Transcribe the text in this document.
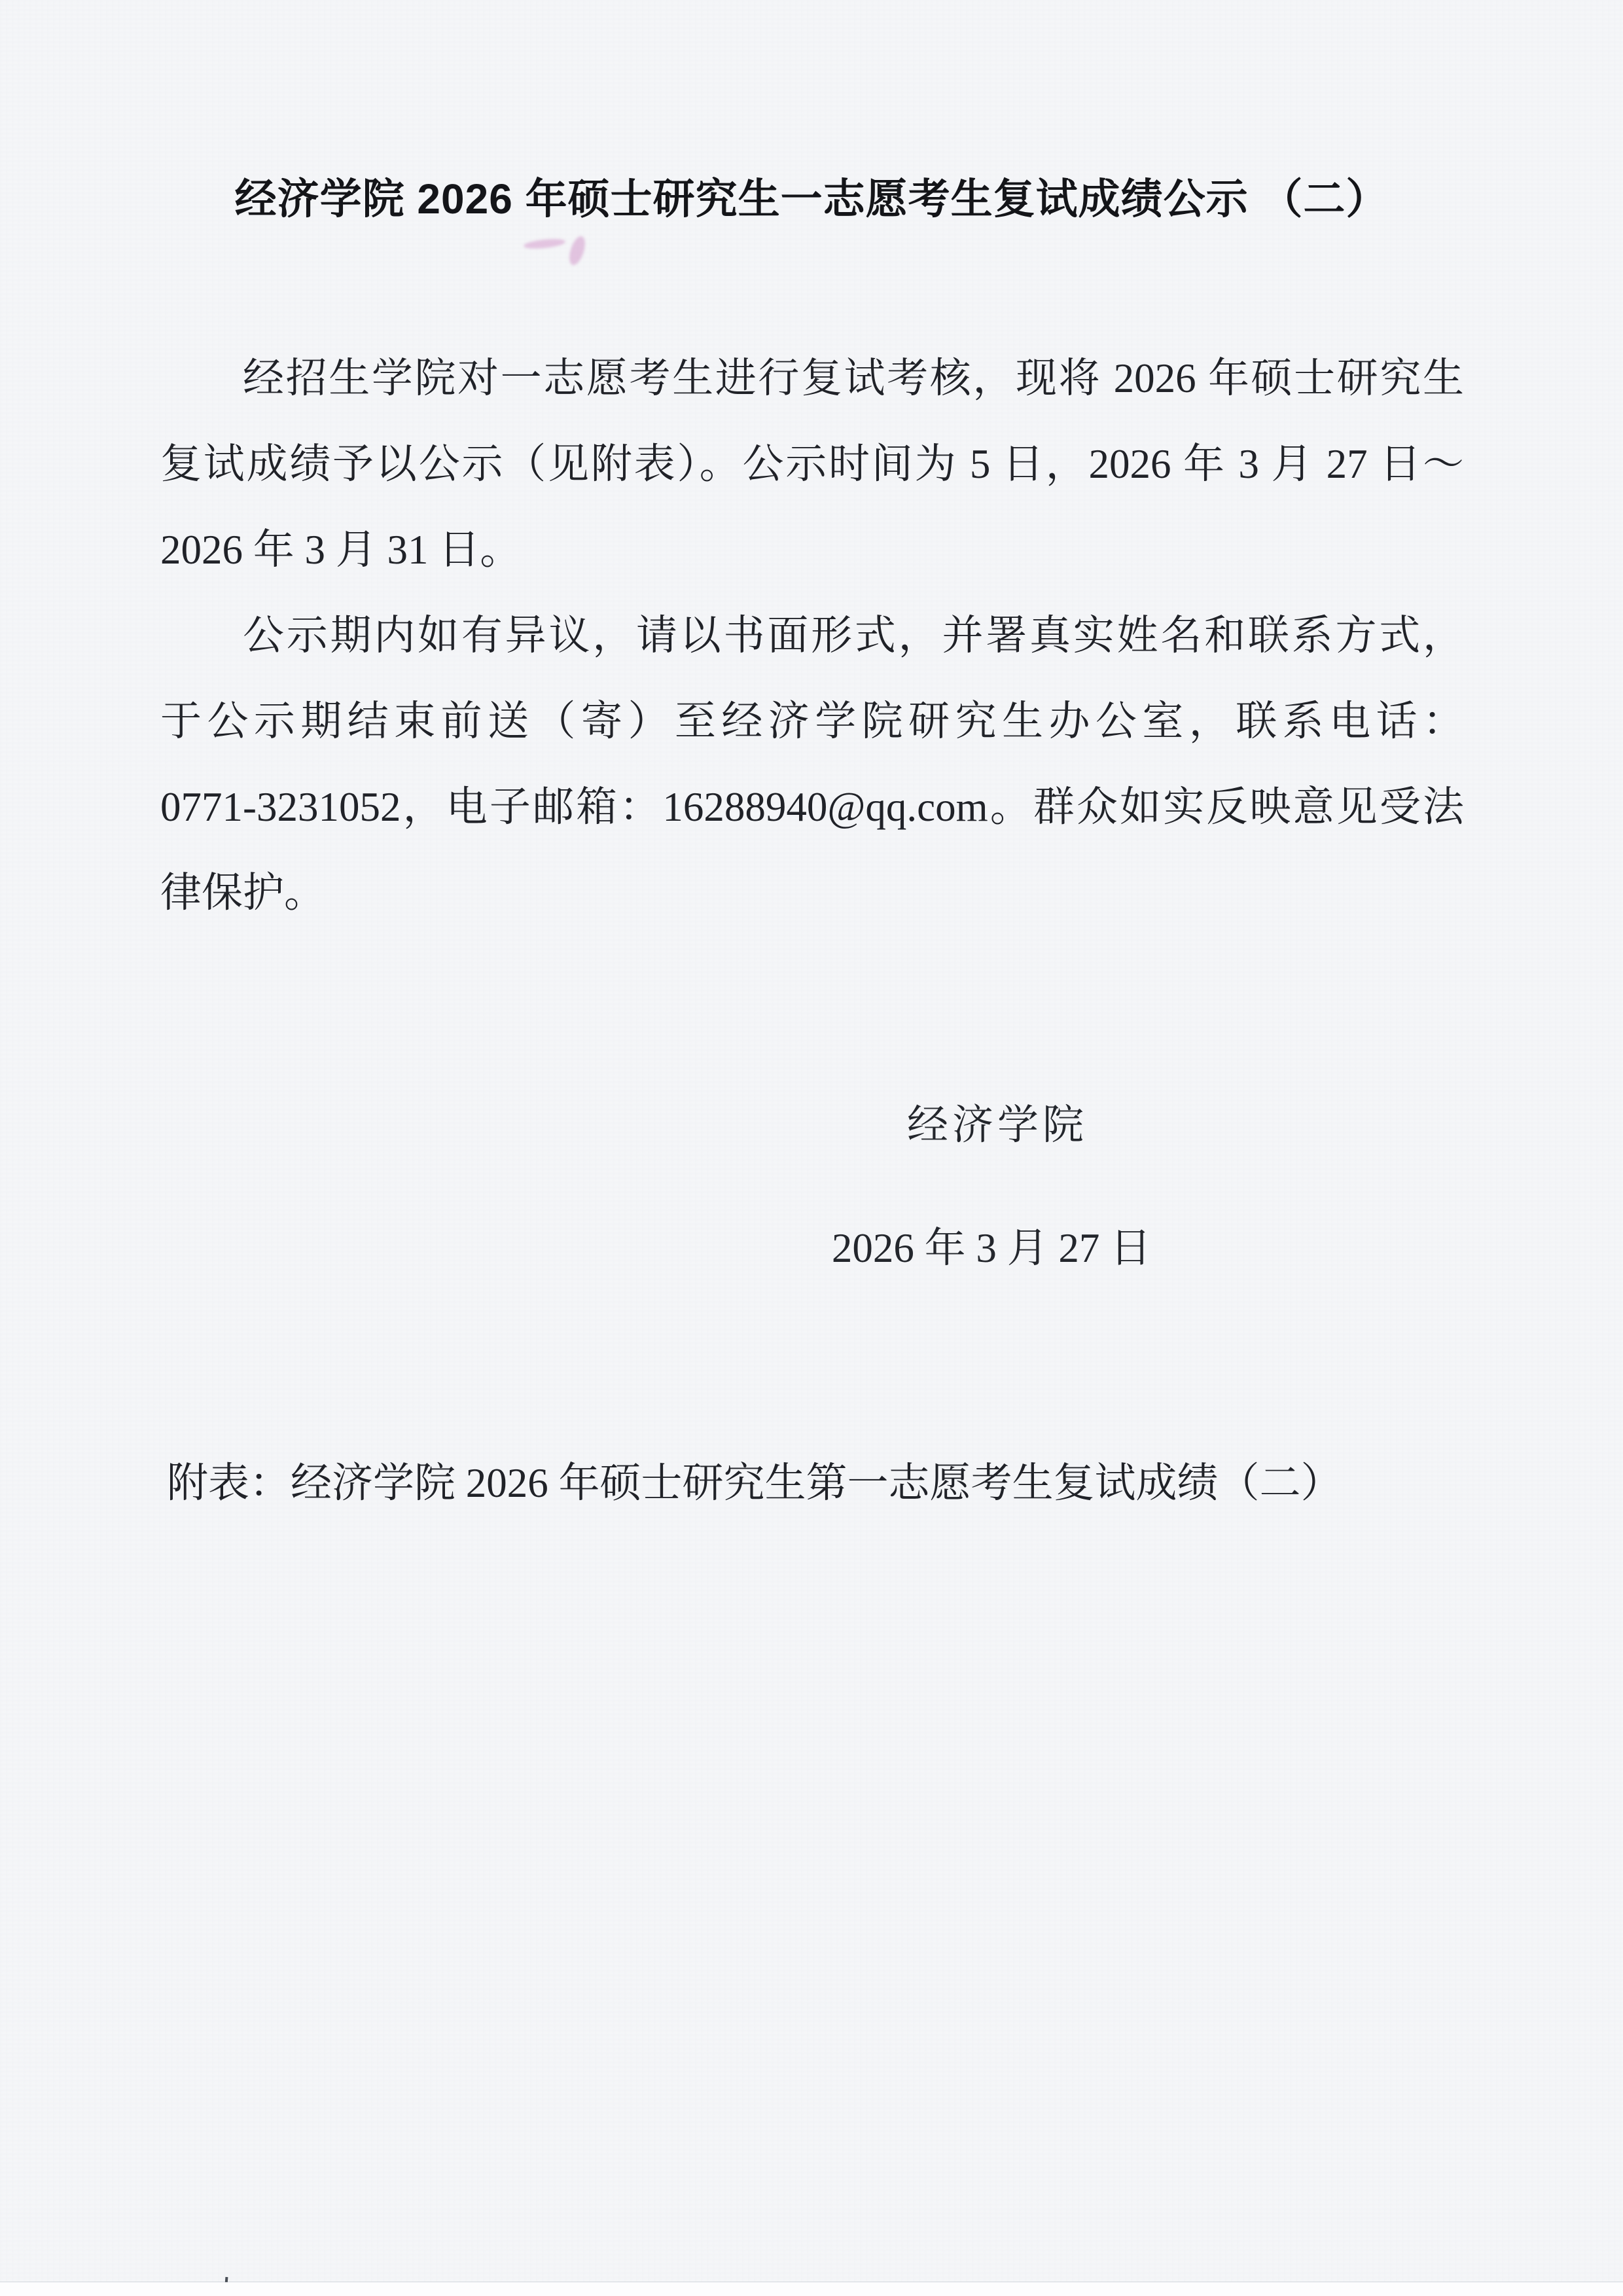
经济学院 2026 年硕士研究生一志愿考生复试成绩公示 （二）
经招生学院对一志愿考生进行复试考核，现将 2026 年硕士研究生
复试成绩予以公示（见附表）。公示时间为 5 日，2026 年 3 月 27 日～
2026 年 3 月 31 日。
公示期内如有异议，请以书面形式，并署真实姓名和联系方式，
于公示期结束前送（寄）至经济学院研究生办公室，联系电话：
0771-3231052，电子邮箱：16288940@qq.com。群众如实反映意见受法
律保护。
经济学院
2026 年 3 月 27 日
附表：经济学院 2026 年硕士研究生第一志愿考生复试成绩（二）
